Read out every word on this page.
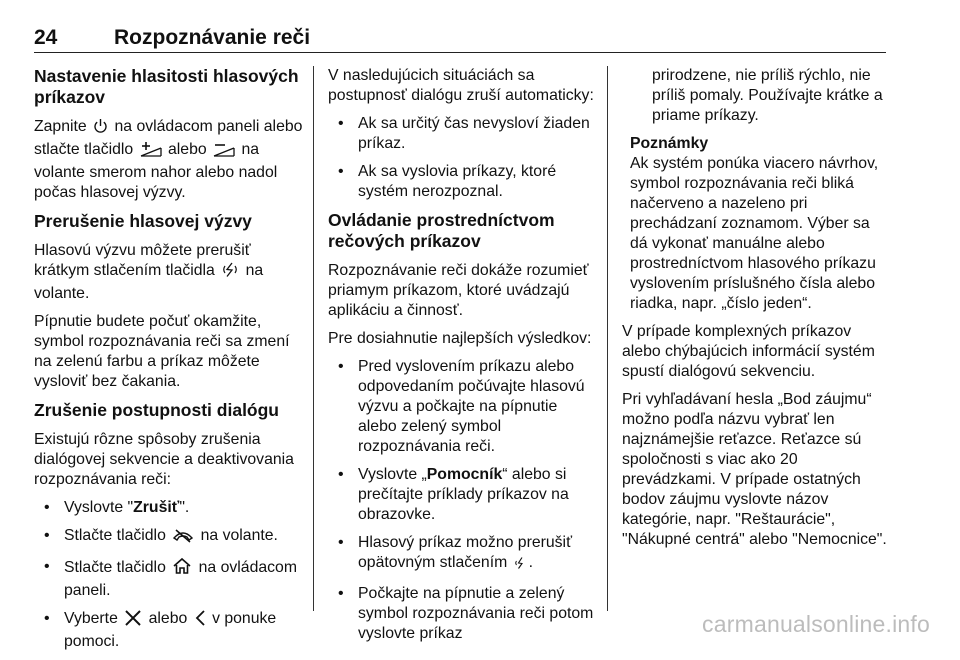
24	Rozpoznávanie reči
Nastavenie hlasitosti hlasových príkazov

Zapnite na ovládacom paneli alebo stlačte tlačidlo alebo na volante smerom nahor alebo nadol počas hlasovej výzvy.

Prerušenie hlasovej výzvy

Hlasovú výzvu môžete prerušiť krátkym stlačením tlačidla na volante.

Pípnutie budete počuť okamžite, symbol rozpoznávania reči sa zmení na zelenú farbu a príkaz môžete vysloviť bez čakania.

Zrušenie postupnosti dialógu

Existujú rôzne spôsoby zrušenia dialógovej sekvencie a deaktivovania rozpoznávania reči:

• Vyslovte "Zrušiť".
• Stlačte tlačidlo na volante.
• Stlačte tlačidlo na ovládacom paneli.
• Vyberte alebo v ponuke pomoci.

V nasledujúcich situáciách sa postupnosť dialógu zruší automaticky:

• Ak sa určitý čas nevysloví žiaden príkaz.
• Ak sa vyslovia príkazy, ktoré systém nerozpoznal.
Ovládanie prostredníctvom rečových príkazov

Rozpoznávanie reči dokáže rozumieť priamym príkazom, ktoré uvádzajú aplikáciu a činnosť.

Pre dosiahnutie najlepších výsledkov:

• Pred vyslovením príkazu alebo odpovedaním počúvajte hlasovú výzvu a počkajte na pípnutie alebo zelený symbol rozpoznávania reči.
• Vyslovte „Pomocník“ alebo si prečítajte príklady príkazov na obrazovke.
• Hlasový príkaz možno prerušiť opätovným stlačením .
• Počkajte na pípnutie a zelený symbol rozpoznávania reči potom vyslovte príkaz
prirodzene, nie príliš rýchlo, nie príliš pomaly. Používajte krátke a priame príkazy.
Poznámky
Ak systém ponúka viacero návrhov, symbol rozpoznávania reči bliká načerveno a nazeleno pri prechádzaní zoznamom. Výber sa dá vykonať manuálne alebo prostredníctvom hlasového príkazu vyslovením príslušného čísla alebo riadka, napr. „číslo jeden“.

V prípade komplexných príkazov alebo chýbajúcich informácií systém spustí dialógovú sekvenciu.

Pri vyhľadávaní hesla „Bod záujmu“ možno podľa názvu vybrať len najznámejšie reťazce. Reťazce sú spoločnosti s viac ako 20 prevádzkami. V prípade ostatných bodov záujmu vyslovte názov kategórie, napr. "Reštaurácie", "Nákupné centrá" alebo "Nemocnice".

carmanualsonline.info
